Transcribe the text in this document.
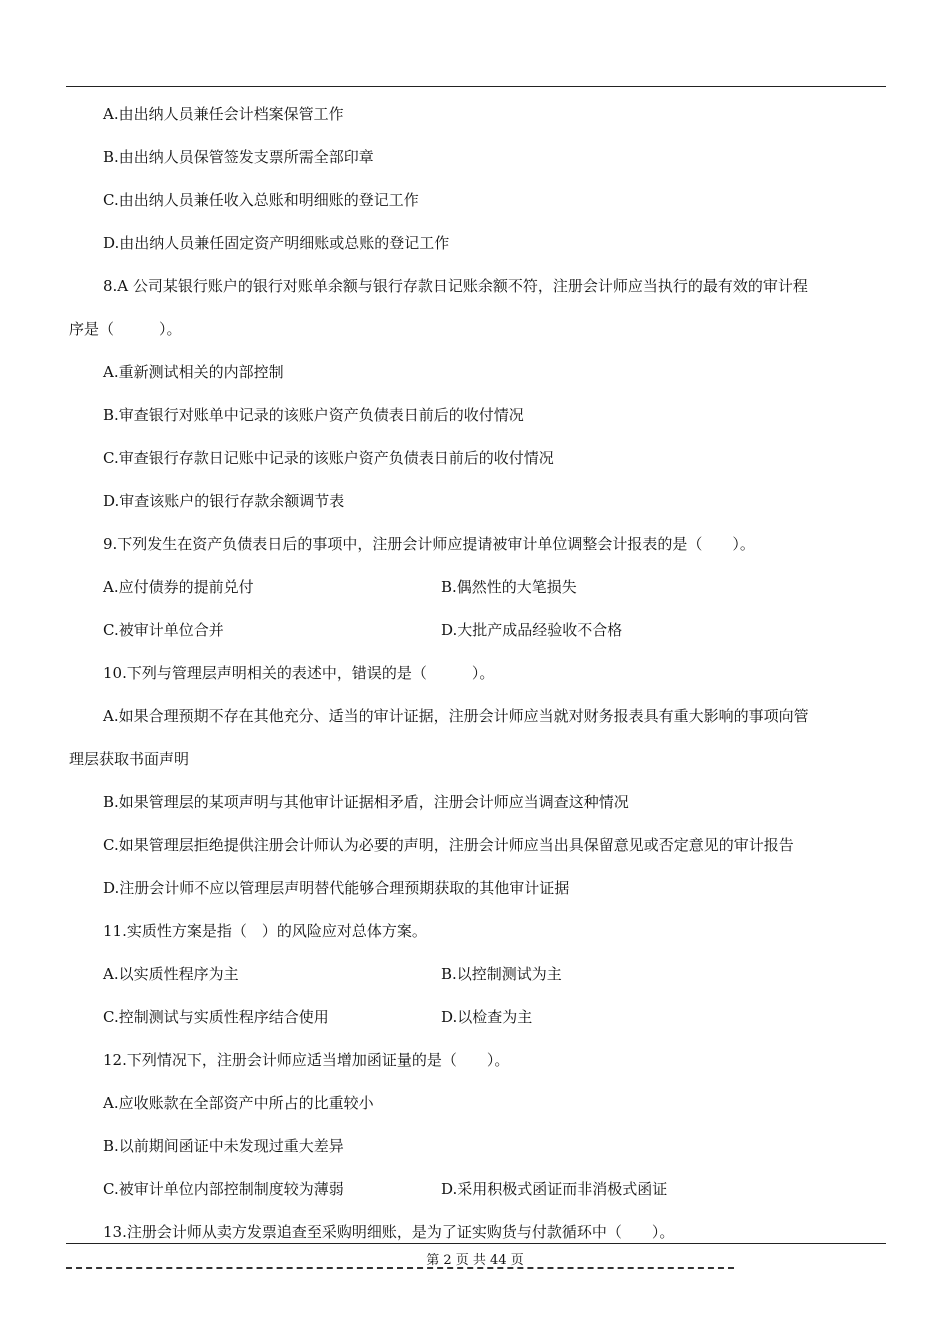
A.由出纳人员兼任会计档案保管工作
B.由出纳人员保管签发支票所需全部印章
C.由出纳人员兼任收入总账和明细账的登记工作
D.由出纳人员兼任固定资产明细账或总账的登记工作
8.A 公司某银行账户的银行对账单余额与银行存款日记账余额不符，注册会计师应当执行的最有效的审计程
序是（　　　）。
A.重新测试相关的内部控制
B.审查银行对账单中记录的该账户资产负债表日前后的收付情况
C.审查银行存款日记账中记录的该账户资产负债表日前后的收付情况
D.审查该账户的银行存款余额调节表
9.下列发生在资产负债表日后的事项中，注册会计师应提请被审计单位调整会计报表的是（　　）。
A.应付债券的提前兑付	B.偶然性的大笔损失
C.被审计单位合并	D.大批产成品经验收不合格
10.下列与管理层声明相关的表述中，错误的是（　　　）。
A.如果合理预期不存在其他充分、适当的审计证据，注册会计师应当就对财务报表具有重大影响的事项向管
理层获取书面声明
B.如果管理层的某项声明与其他审计证据相矛盾，注册会计师应当调查这种情况
C.如果管理层拒绝提供注册会计师认为必要的声明，注册会计师应当出具保留意见或否定意见的审计报告
D.注册会计师不应以管理层声明替代能够合理预期获取的其他审计证据
11.实质性方案是指（　）的风险应对总体方案。
A.以实质性程序为主	B.以控制测试为主
C.控制测试与实质性程序结合使用	D.以检查为主
12.下列情况下，注册会计师应适当增加函证量的是（　　）。
A.应收账款在全部资产中所占的比重较小
B.以前期间函证中未发现过重大差异
C.被审计单位内部控制制度较为薄弱	D.采用积极式函证而非消极式函证
13.注册会计师从卖方发票追查至采购明细账，是为了证实购货与付款循环中（　　）。
第 2 页 共 44 页
